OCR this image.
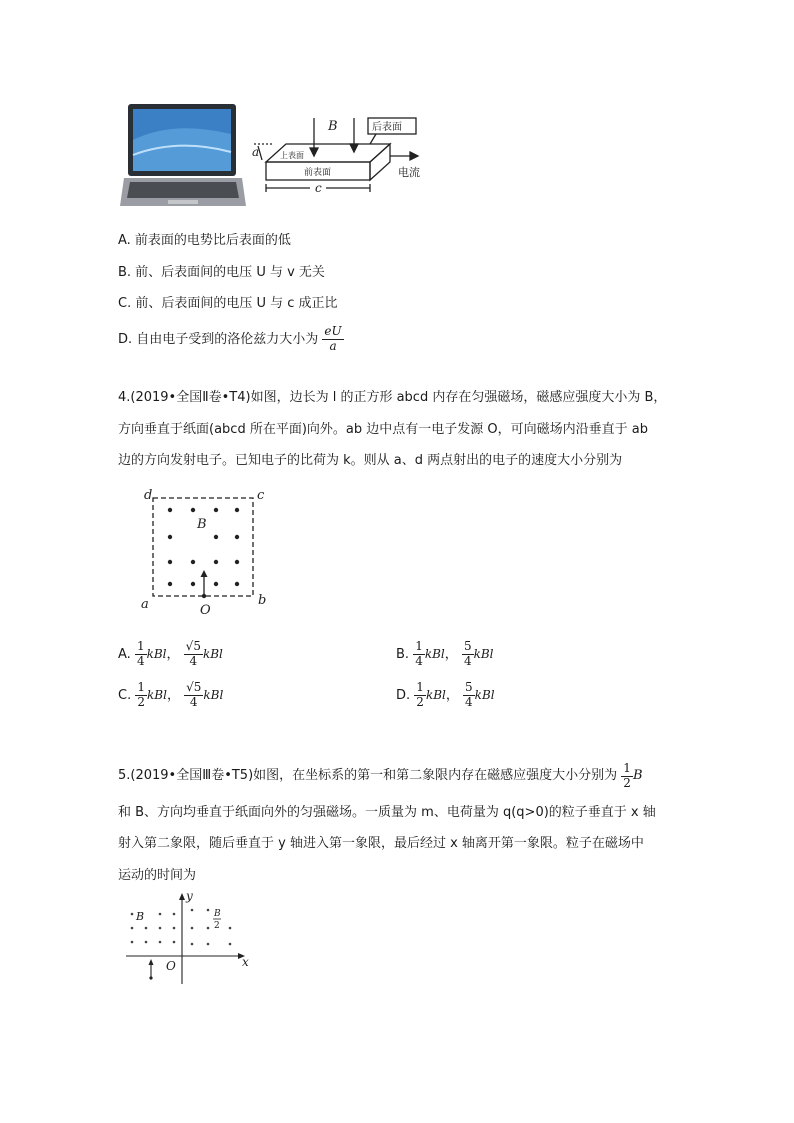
B	后表面
上表面
前表面
a
c
电流
A. 前表面的电势比后表面的低
B. 前、后表面间的电压 U 与 v 无关
C. 前、后表面间的电压 U 与 c 成正比
D. 自由电子受到的洛伦兹力大小为 $\frac{eU}{a}$
4.(2019•全国Ⅱ卷•T4)如图，边长为 l 的正方形 abcd 内存在匀强磁场，磁感应强度大小为 B，
方向垂直于纸面(abcd 所在平面)向外。ab 边中点有一电子发源 O，可向磁场内沿垂直于 ab
边的方向发射电子。已知电子的比荷为 k。则从 a、d 两点射出的电子的速度大小分别为
d	c
a	b
B
O
A. $\frac{1}{4}$ kBl， $\frac{√5}{4}$ kBl	B. $\frac{1}{4}$ kBl， $\frac{5}{4}$ kBl
C. $\frac{1}{2}$ kBl， $\frac{√5}{4}$ kBl	D. $\frac{1}{2}$ kBl， $\frac{5}{4}$ kBl
5.(2019•全国Ⅲ卷•T5)如图，在坐标系的第一和第二象限内存在磁感应强度大小分别为 $\frac{1}{2}$ B
和 B、方向均垂直于纸面向外的匀强磁场。一质量为 m、电荷量为 q(q>0)的粒子垂直于 x 轴
射入第二象限，随后垂直于 y 轴进入第一象限，最后经过 x 轴离开第一象限。粒子在磁场中
运动的时间为
B	B
2
O	x
y
